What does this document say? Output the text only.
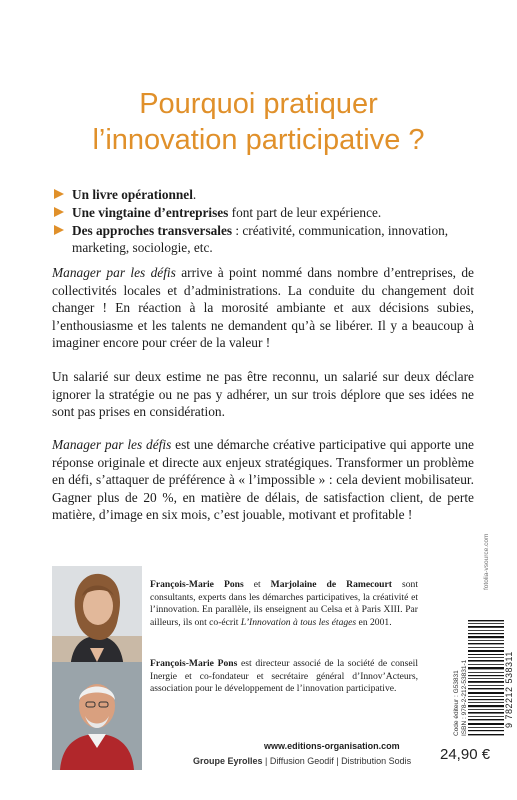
Pourquoi pratiquer
l’innovation participative ?
Un livre opérationnel.
Une vingtaine d’entreprises font part de leur expérience.
Des approches transversales : créativité, communication, innovation, marketing, sociologie, etc.
Manager par les défis arrive à point nommé dans nombre d’entreprises, de collectivités locales et d’administrations. La conduite du changement doit changer ! En réaction à la morosité ambiante et aux décisions subies, l’enthousiasme et les talents ne demandent qu’à se libérer. Il y a beaucoup à imaginer encore pour créer de la valeur !
Un salarié sur deux estime ne pas être reconnu, un salarié sur deux déclare ignorer la stratégie ou ne pas y adhérer, un sur trois déplore que ses idées ne sont pas prises en considération.
Manager par les défis est une démarche créative participative qui apporte une réponse originale et directe aux enjeux stratégiques. Transformer un problème en défi, s’attaquer de préférence à « l’impossible » : cela devient mobilisateur. Gagner plus de 20 %, en matière de délais, de satisfaction client, de perte matière, d’image en six mois, c’est jouable, motivant et profitable !
François-Marie Pons et Marjolaine de Ramecourt sont consultants, experts dans les démarches participatives, la créativité et l’innovation. En parallèle, ils enseignent au Celsa et à Paris XIII. Par ailleurs, ils ont co-écrit L’Innovation à tous les étages en 2001.
François-Marie Pons est directeur associé de la société de conseil Inergie et co-fondateur et secrétaire général d’Innov’Acteurs, association pour le développement de l’innovation participative.
fotolia-vsource.com
Code éditeur : G53831 ISBN : 978-2-212-53831-1	9 782212 538311
www.editions-organisation.com
Groupe Eyrolles | Diffusion Geodif | Distribution Sodis 24,90 €
